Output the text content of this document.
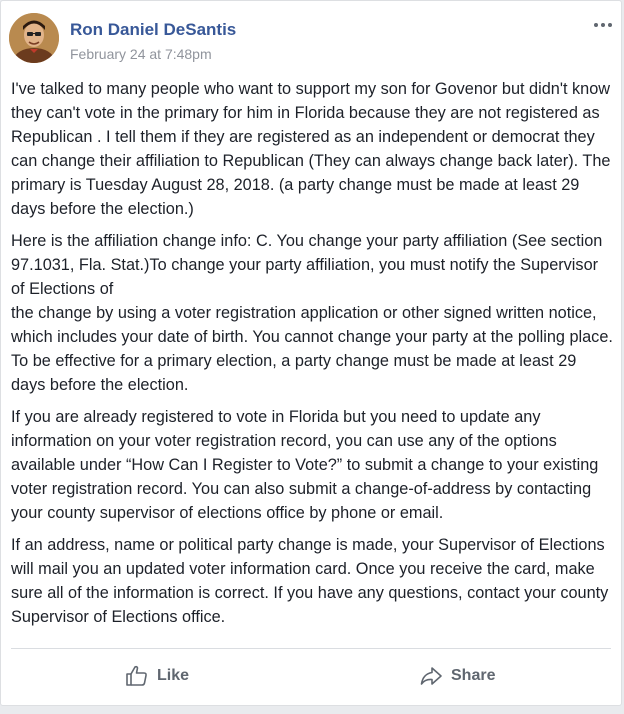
Ron Daniel DeSantis
February 24 at 7:48pm

I've talked to many people who want to support my son for Govenor but didn't know they can't vote in the primary for him in Florida because they are not registered as Republican . I tell them if they are registered as an independent or democrat they can change their affiliation to Republican (They can always change back later). The primary is Tuesday August 28, 2018. (a party change must be made at least 29 days before the election.)

Here is the affiliation change info: C. You change your party affiliation (See section 97.1031, Fla. Stat.)To change your party affiliation, you must notify the Supervisor of Elections of

the change by using a voter registration application or other signed written notice, which includes your date of birth. You cannot change your party at the polling place. To be effective for a primary election, a party change must be made at least 29 days before the election.

If you are already registered to vote in Florida but you need to update any information on your voter registration record, you can use any of the options available under “How Can I Register to Vote?” to submit a change to your existing voter registration record. You can also submit a change-of-address by contacting your county supervisor of elections office by phone or email.

If an address, name or political party change is made, your Supervisor of Elections will mail you an updated voter information card. Once you receive the card, make sure all of the information is correct. If you have any questions, contact your county Supervisor of Elections office.

Like	Share
